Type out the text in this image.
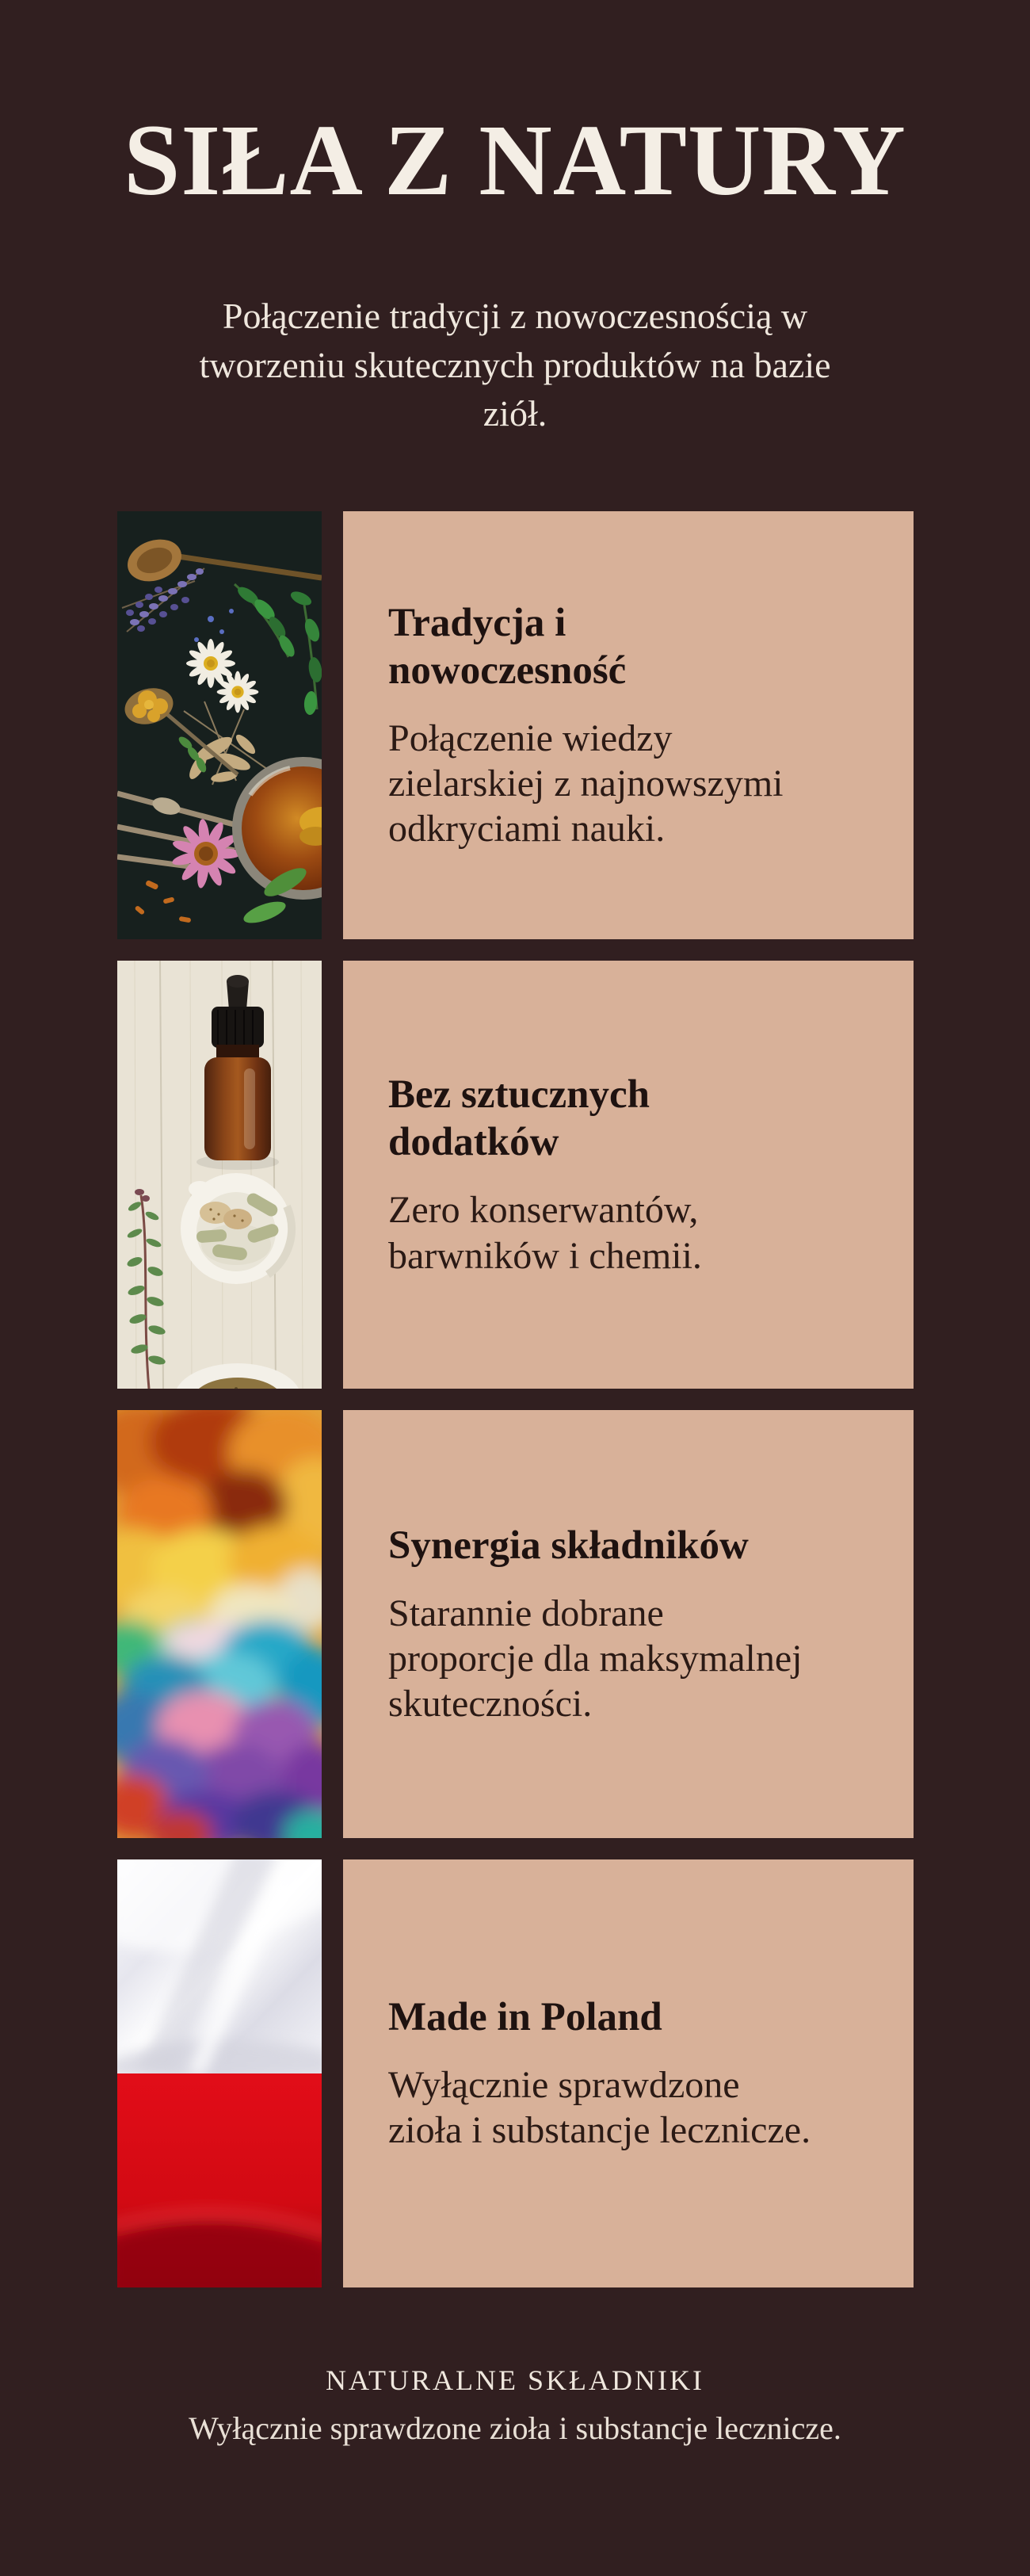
SIŁA Z NATURY

Połączenie tradycji z nowoczesnością w
tworzeniu skutecznych produktów na bazie
ziół.

Tradycja i
nowoczesność

Połączenie wiedzy
zielarskiej z najnowszymi
odkryciami nauki.

Bez sztucznych
dodatków

Zero konserwantów,
barwników i chemii.

Synergia składników

Starannie dobrane
proporcje dla maksymalnej
skuteczności.

Made in Poland

Wyłącznie sprawdzone
zioła i substancje lecznicze.

NATURALNE SKŁADNIKI
Wyłącznie sprawdzone zioła i substancje lecznicze.
